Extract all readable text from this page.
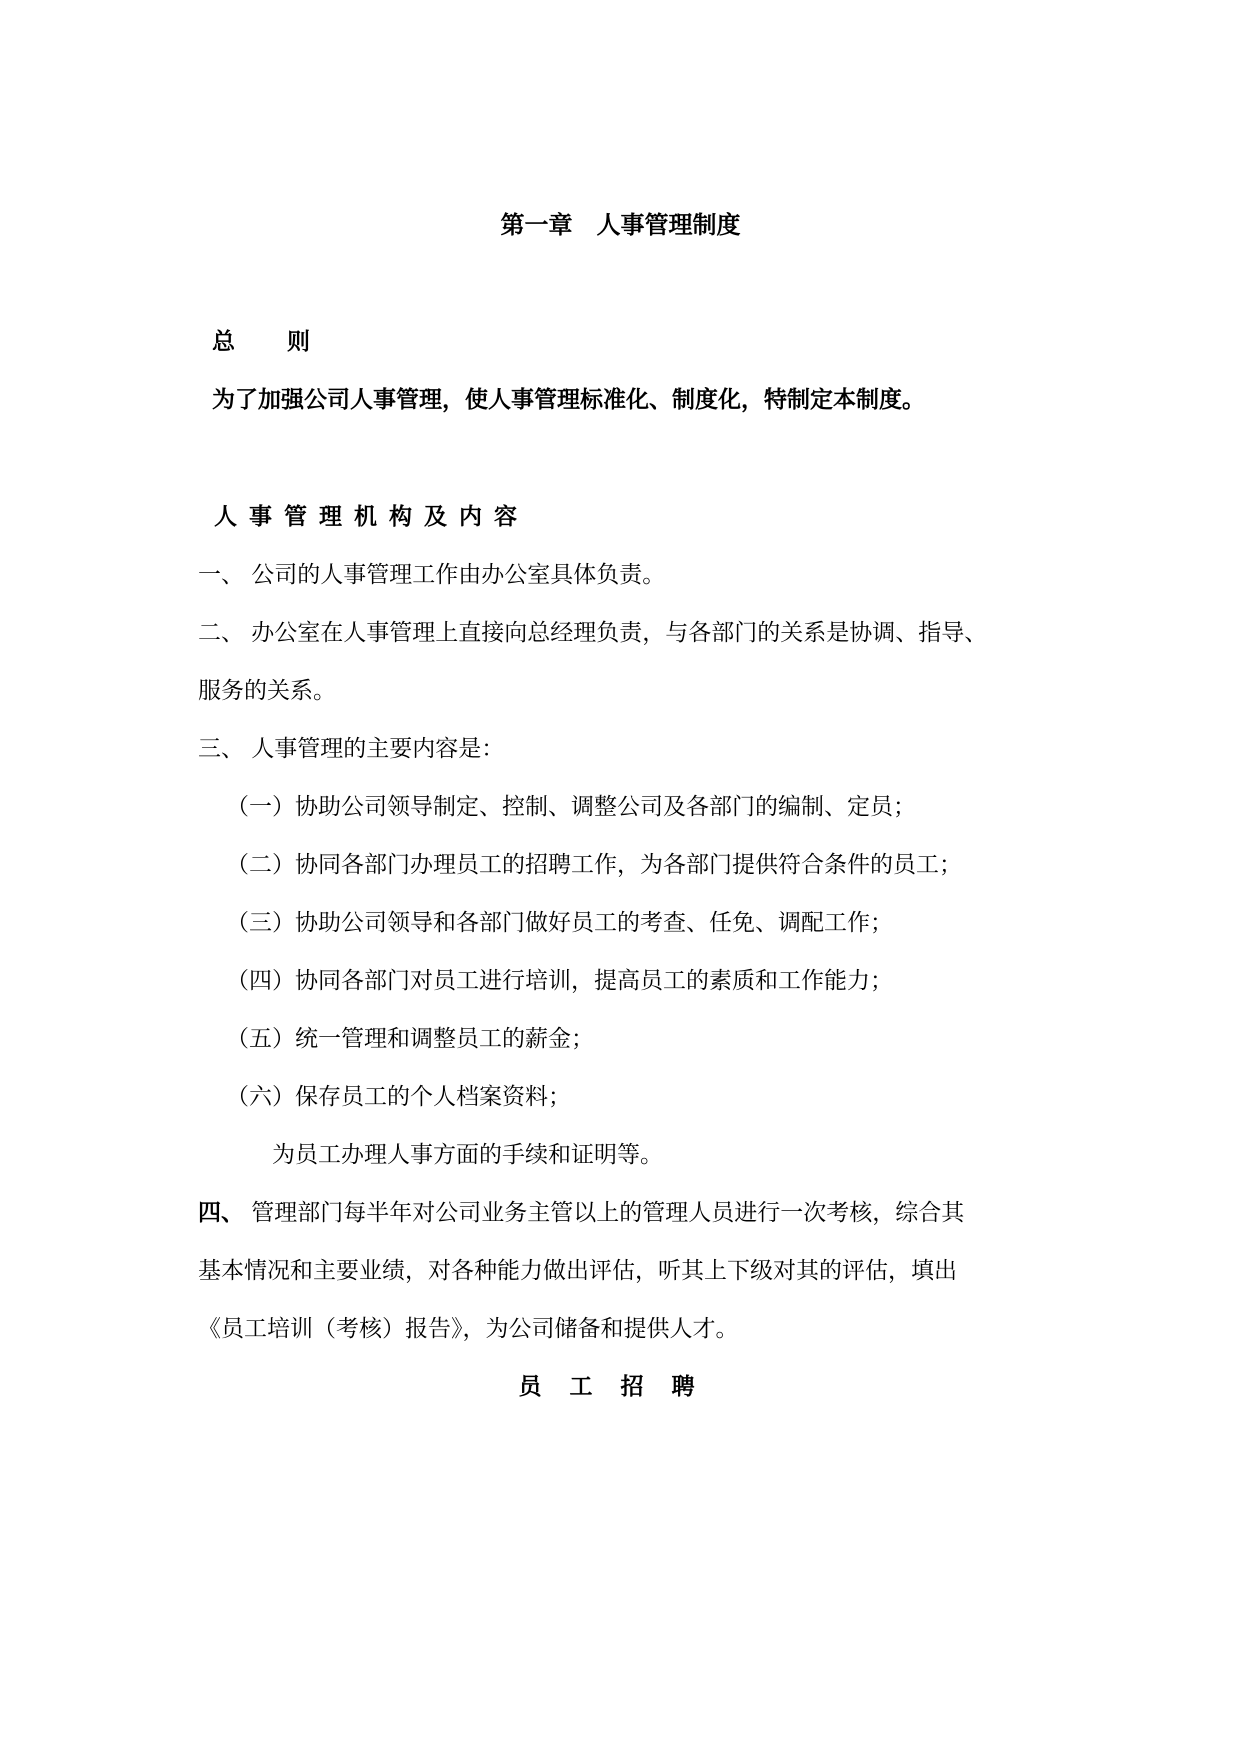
第一章　人事管理制度
总 则
为了加强公司人事管理，使人事管理标准化、制度化，特制定本制度。
人事管理机构及内容
一、 公司的人事管理工作由办公室具体负责。
二、 办公室在人事管理上直接向总经理负责，与各部门的关系是协调、指导、
服务的关系。
三、 人事管理的主要内容是：
（一）协助公司领导制定、控制、调整公司及各部门的编制、定员；
（二）协同各部门办理员工的招聘工作，为各部门提供符合条件的员工；
（三）协助公司领导和各部门做好员工的考查、任免、调配工作；
（四）协同各部门对员工进行培训，提高员工的素质和工作能力；
（五）统一管理和调整员工的薪金；
（六）保存员工的个人档案资料；
为员工办理人事方面的手续和证明等。
四、 管理部门每半年对公司业务主管以上的管理人员进行一次考核，综合其
基本情况和主要业绩，对各种能力做出评估，听其上下级对其的评估，填出
《员工培训（考核）报告》，为公司储备和提供人才。
员工招聘
